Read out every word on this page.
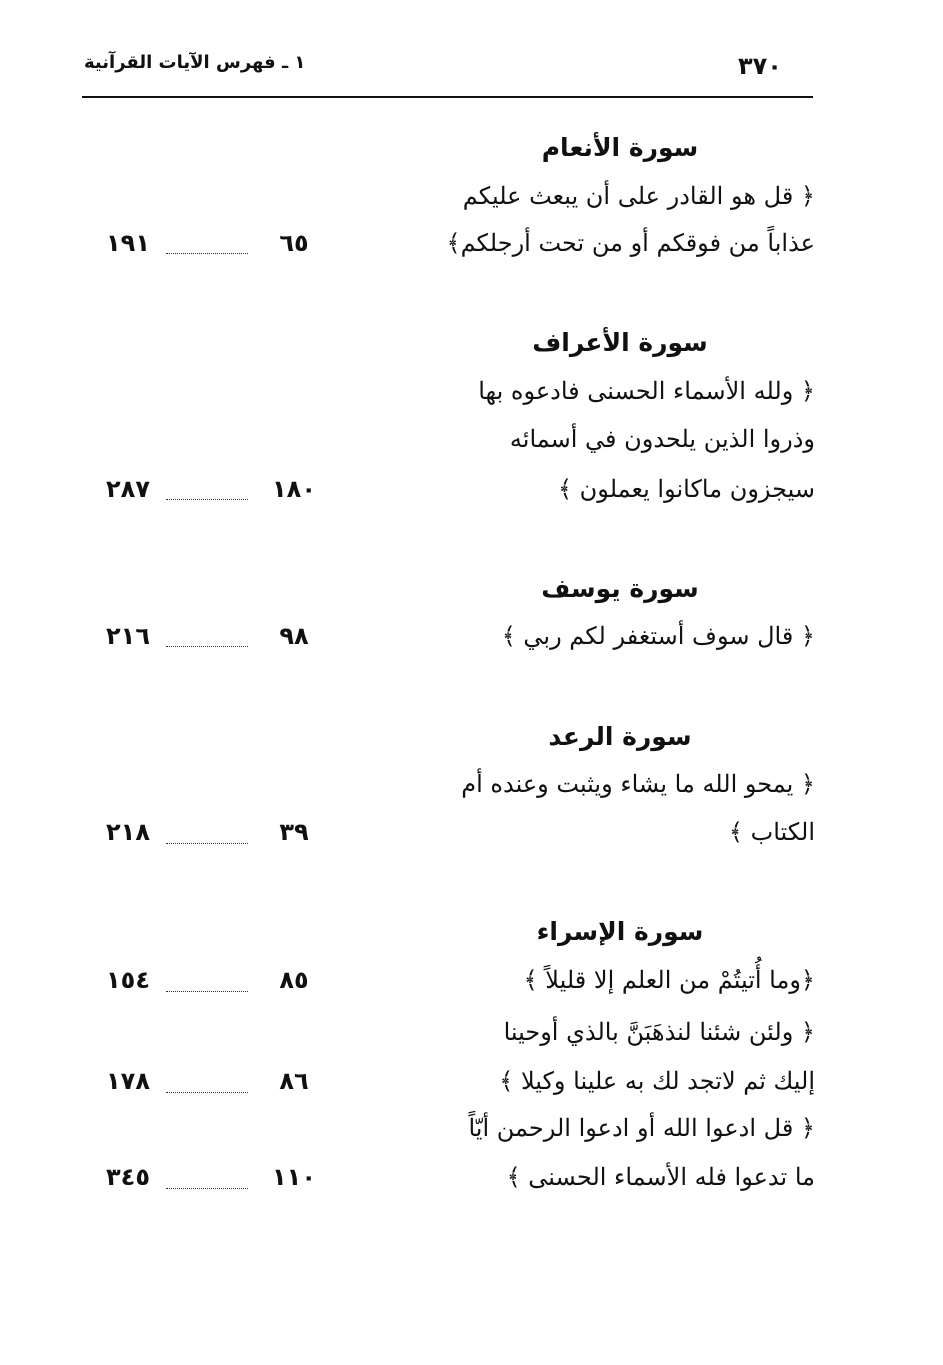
٣٧٠
١ ـ فهرس الآيات القرآنية
سورة الأنعام
﴿ قل هو القادر على أن يبعث عليكم
عذاباً من فوقكم أو من تحت أرجلكم﴾
٦٥
١٩١
سورة الأعراف
﴿ ولله الأسماء الحسنى فادعوه بها
وذروا الذين يلحدون في أسمائه
سيجزون ماكانوا يعملون ﴾
١٨٠
٢٨٧
سورة يوسف
﴿ قال سوف أستغفر لكم ربي ﴾
٩٨
٢١٦
سورة الرعد
﴿ يمحو الله ما يشاء ويثبت وعنده أم
الكتاب ﴾
٣٩
٢١٨
سورة الإسراء
﴿وما أُتيتُمْ من العلم إلا قليلاً ﴾
٨٥
١٥٤
﴿ ولئن شئنا لنذهَبَنَّ بالذي أوحينا
إليك ثم لاتجد لك به علينا وكيلا ﴾
٨٦
١٧٨
﴿ قل ادعوا الله أو ادعوا الرحمن أيّاً
ما تدعوا فله الأسماء الحسنى ﴾
١١٠
٣٤٥
